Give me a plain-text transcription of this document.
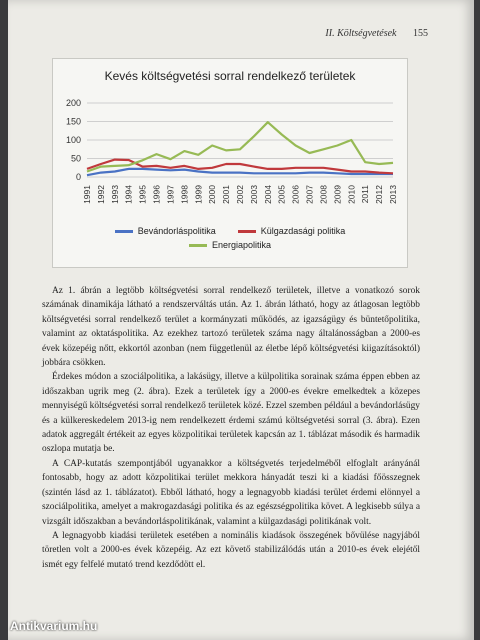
II. Költségvetések 155
Kevés költségvetési sorral rendelkező területek
0
50
100
150
200
1991 1992 1993 1994 1995 1996 1997 1998 1999 2000 2001 2002 2003 2004 2005 2006 2007 2008 2009 2010 2011 2012 2013
Bevándorláspolitika	Külgazdasági politika
Energiapolitika

Az 1. ábrán a legtöbb költségvetési sorral rendelkező területek, illetve a vonatkozó sorok számának dinamikája látható a rendszerváltás után. Az 1. ábrán látható, hogy az átlagosan legtöbb költségvetési sorral rendelkező terület a kormányzati működés, az igazságügy és büntetőpolitika, valamint az oktatáspolitika. Az ezekhez tartozó területek száma nagy általánosságban a 2000-es évek közepéig nőtt, ekkortól azonban (nem függetlenül az életbe lépő költségvetési kiigazításoktól) jobbára csökken.

Érdekes módon a szociálpolitika, a lakásügy, illetve a külpolitika sorainak száma éppen ebben az időszakban ugrik meg (2. ábra). Ezek a területek így a 2000-es évekre emelkedtek a közepes mennyiségű költségvetési sorral rendelkező területek közé. Ezzel szemben például a bevándorlásügy és a külkereskedelem 2013-ig nem rendelkezett érdemi számú költségvetési sorral (3. ábra). Ezen adatok aggregált értékeit az egyes közpolitikai területek kapcsán az 1. táblázat második és harmadik oszlopa mutatja be.

A CAP-kutatás szempontjából ugyanakkor a költségvetés terjedelméből elfoglalt arányánál fontosabb, hogy az adott közpolitikai terület mekkora hányadát teszi ki a kiadási főösszegnek (szintén lásd az 1. táblázatot). Ebből látható, hogy a legnagyobb kiadási terület érdemi elönnyel a szociálpolitika, amelyet a makrogazdasági politika és az egészségpolitika követ. A legkisebb súlya a vizsgált időszakban a bevándorláspolitikának, valamint a külgazdasági politikának volt.

A legnagyobb kiadási területek esetében a nominális kiadások összegének bővülése nagyjából töretlen volt a 2000-es évek közepéig. Az ezt követő stabilizálódás után a 2010-es évek elejétől ismét egy felfelé mutató trend kezdődött el.

Antikvarium.hu
